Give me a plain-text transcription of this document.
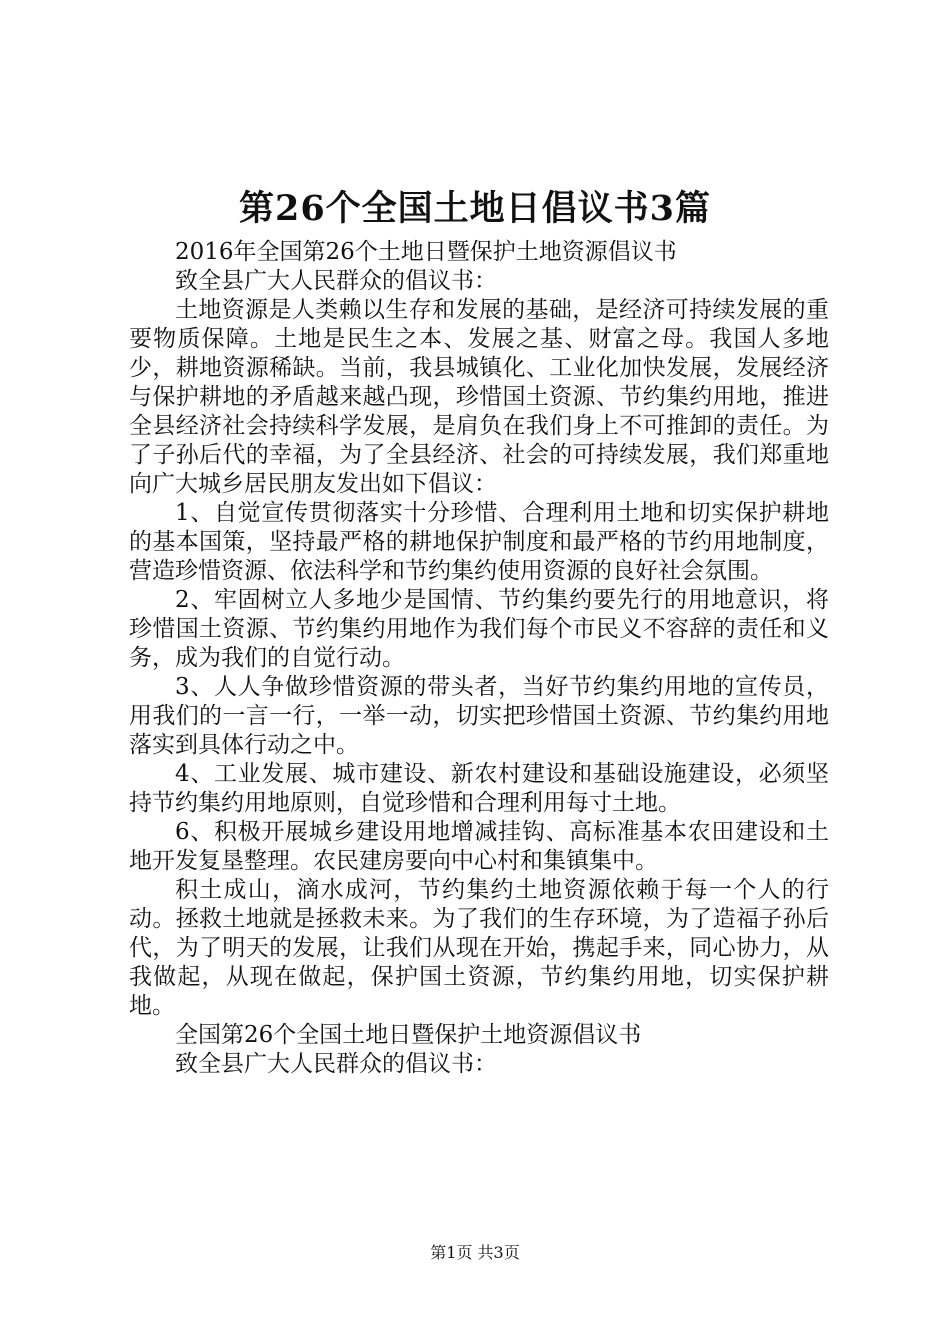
第26个全国土地日倡议书3篇

2016年全国第26个土地日暨保护土地资源倡议书

致全县广大人民群众的倡议书：

土地资源是人类赖以生存和发展的基础，是经济可持续发展的重要物质保障。土地是民生之本、发展之基、财富之母。我国人多地少，耕地资源稀缺。当前，我县城镇化、工业化加快发展，发展经济与保护耕地的矛盾越来越凸现，珍惜国土资源、节约集约用地，推进全县经济社会持续科学发展，是肩负在我们身上不可推卸的责任。为了子孙后代的幸福，为了全县经济、社会的可持续发展，我们郑重地向广大城乡居民朋友发出如下倡议：

1、自觉宣传贯彻落实十分珍惜、合理利用土地和切实保护耕地的基本国策，坚持最严格的耕地保护制度和最严格的节约用地制度，营造珍惜资源、依法科学和节约集约使用资源的良好社会氛围。

2、牢固树立人多地少是国情、节约集约要先行的用地意识，将珍惜国土资源、节约集约用地作为我们每个市民义不容辞的责任和义务，成为我们的自觉行动。

3、人人争做珍惜资源的带头者，当好节约集约用地的宣传员，用我们的一言一行，一举一动，切实把珍惜国土资源、节约集约用地落实到具体行动之中。

4、工业发展、城市建设、新农村建设和基础设施建设，必须坚持节约集约用地原则，自觉珍惜和合理利用每寸土地。

6、积极开展城乡建设用地增减挂钩、高标准基本农田建设和土地开发复垦整理。农民建房要向中心村和集镇集中。

积土成山，滴水成河，节约集约土地资源依赖于每一个人的行动。拯救土地就是拯救未来。为了我们的生存环境，为了造福子孙后代，为了明天的发展，让我们从现在开始，携起手来，同心协力，从我做起，从现在做起，保护国土资源，节约集约用地，切实保护耕地。

全国第26个全国土地日暨保护土地资源倡议书

致全县广大人民群众的倡议书：

第1页 共3页
